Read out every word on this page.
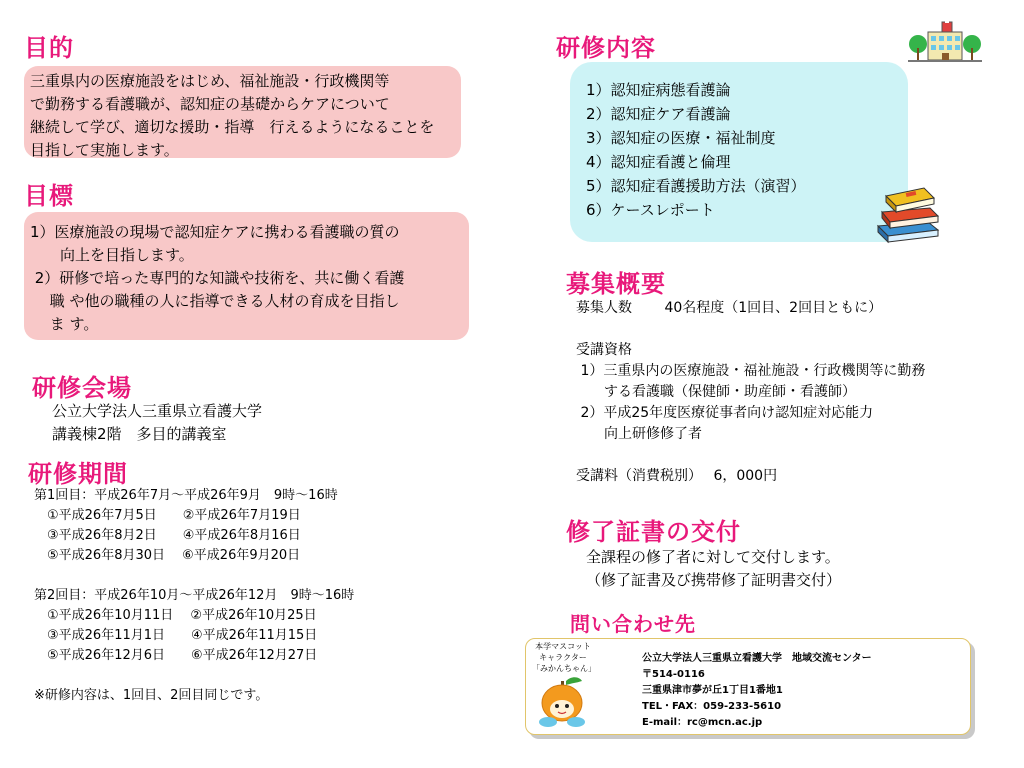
目的
三重県内の医療施設をはじめ、福祉施設・行政機関等
で勤務する看護職が、認知症の基礎からケアについて
継続して学び、適切な援助・指導　行えるようになることを
目指して実施します。
目標
1）医療施設の現場で認知症ケアに携わる看護職の質の
　　向上を目指します。
2）研修で培った専門的な知識や技術を、共に働く看護
　 職 や他の職種の人に指導できる人材の育成を目指し
　 ま す。
研修会場
公立大学法人三重県立看護大学
講義棟2階　多目的講義室
研修期間
第1回目：平成26年7月～平成26年9月　9時～16時
　①平成26年7月5日　　②平成26年7月19日
　③平成26年8月2日　　④平成26年8月16日
　⑤平成26年8月30日　 ⑥平成26年9月20日
第2回目：平成26年10月～平成26年12月　9時～16時
　①平成26年10月11日　 ②平成26年10月25日
　③平成26年11月1日　　④平成26年11月15日
　⑤平成26年12月6日　　⑥平成26年12月27日
※研修内容は、1回目、2回目同じです。
研修内容
1）認知症病態看護論
2）認知症ケア看護論
3）認知症の医療・福祉制度
4）認知症看護と倫理
5）認知症看護援助方法（演習）
6）ケースレポート
募集概要
募集人数　　 40名程度（1回目、2回目ともに）
受講資格
1）三重県内の医療施設・福祉施設・行政機関等に勤務
　　する看護職（保健師・助産師・看護師）
2）平成25年度医療従事者向け認知症対応能力
　　向上研修修了者
受講料（消費税別）　 6，000円
修了証書の交付
全課程の修了者に対して交付します。
（修了証書及び携帯修了証明書交付）
問い合わせ先
本学マスコット
キャラクター
「みかんちゃん」
公立大学法人三重県立看護大学　地域交流センター
〒514-0116
三重県津市夢が丘1丁目1番地1
TEL・FAX：059-233-5610
E-mail：rc@mcn.ac.jp
